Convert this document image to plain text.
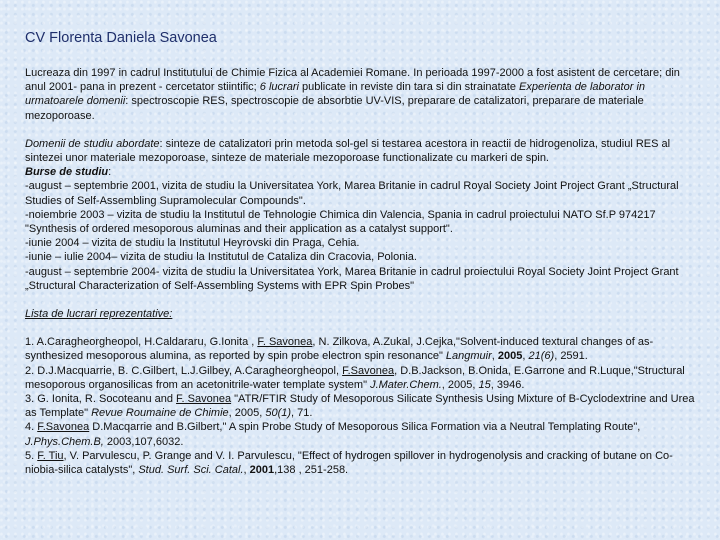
CV Florenta Daniela Savonea

Lucreaza din 1997 in cadrul Institutului de Chimie Fizica al Academiei Romane. In perioada 1997-2000 a fost asistent de cercetare; din anul 2001- pana in prezent - cercetator stiintific; 6 lucrari publicate in reviste din tara si din strainatate Experienta de laborator in urmatoarele domenii: spectroscopie RES, spectroscopie de absorbtie UV-VIS, preparare de catalizatori, preparare de materiale mezoporoase.

Domenii de studiu abordate: sinteze de catalizatori prin metoda sol-gel si testarea acestora in reactii de hidrogenoliza, studiul RES al sintezei unor materiale mezoporoase, sinteze de materiale mezoporoase functionalizate cu markeri de spin.
Burse de studiu:
-august – septembrie 2001, vizita de studiu la Universitatea York, Marea Britanie in cadrul Royal Society Joint Project Grant „Structural Studies of Self-Assembling Supramolecular Compounds".
-noiembrie 2003 – vizita de studiu la Institutul de Tehnologie Chimica din Valencia, Spania in cadrul proiectului NATO Sf.P 974217 "Synthesis of ordered mesoporous aluminas and their application as a catalyst support".
-iunie 2004 – vizita de studiu la Institutul Heyrovski din Praga, Cehia.
-iunie – iulie 2004– vizita de studiu la Institutul de Cataliza din Cracovia, Polonia.
-august – septembrie 2004- vizita de studiu la Universitatea York, Marea Britanie in cadrul proiectului Royal Society Joint Project Grant „Structural Characterization of Self-Assembling Systems with EPR Spin Probes"

Lista de lucrari reprezentative:

1. A.Caragheorgheopol, H.Caldararu, G.Ionita , F. Savonea, N. Zilkova, A.Zukal, J.Cejka,"Solvent-induced textural changes of as-synthesized mesoporous alumina, as reported by spin probe electron spin resonance" Langmuir, 2005, 21(6), 2591.
2. D.J.Macquarrie, B. C.Gilbert, L.J.Gilbey, A.Caragheorgheopol, F.Savonea, D.B.Jackson, B.Onida, E.Garrone and R.Luque,"Structural mesoporous organosilicas from an acetonitrile-water template system" J.Mater.Chem., 2005, 15, 3946.
3. G. Ionita, R. Socoteanu and F. Savonea "ATR/FTIR Study of Mesoporous Silicate Synthesis Using Mixture of B-Cyclodextrine and Urea as Template" Revue Roumaine de Chimie, 2005, 50(1), 71.
4. F.Savonea D.Macqarrie and B.Gilbert," A spin Probe Study of Mesoporous Silica Formation via a Neutral Templating Route", J.Phys.Chem.B, 2003,107,6032.
5. F. Tiu, V. Parvulescu, P. Grange and V. I. Parvulescu, "Effect of hydrogen spillover in hydrogenolysis and cracking of butane on Co-niobia-silica catalysts", Stud. Surf. Sci. Catal., 2001,138 , 251-258.
